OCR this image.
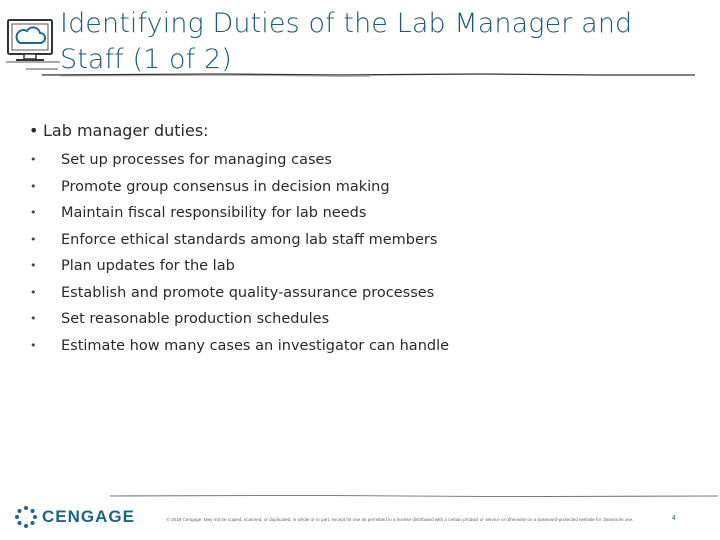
Identifying Duties of the Lab Manager and
Staff (1 of 2)
• Lab manager duties:
• Set up processes for managing cases
• Promote group consensus in decision making
• Maintain fiscal responsibility for lab needs
• Enforce ethical standards among lab staff members
• Plan updates for the lab
• Establish and promote quality-assurance processes
• Set reasonable production schedules
• Estimate how many cases an investigator can handle
CENGAGE	© 2019 Cengage. May not be copied, scanned, or duplicated, in whole or in part, except for use as permitted in a license distributed with a certain product or service or otherwise on a password-protected website for classroom use.	4
